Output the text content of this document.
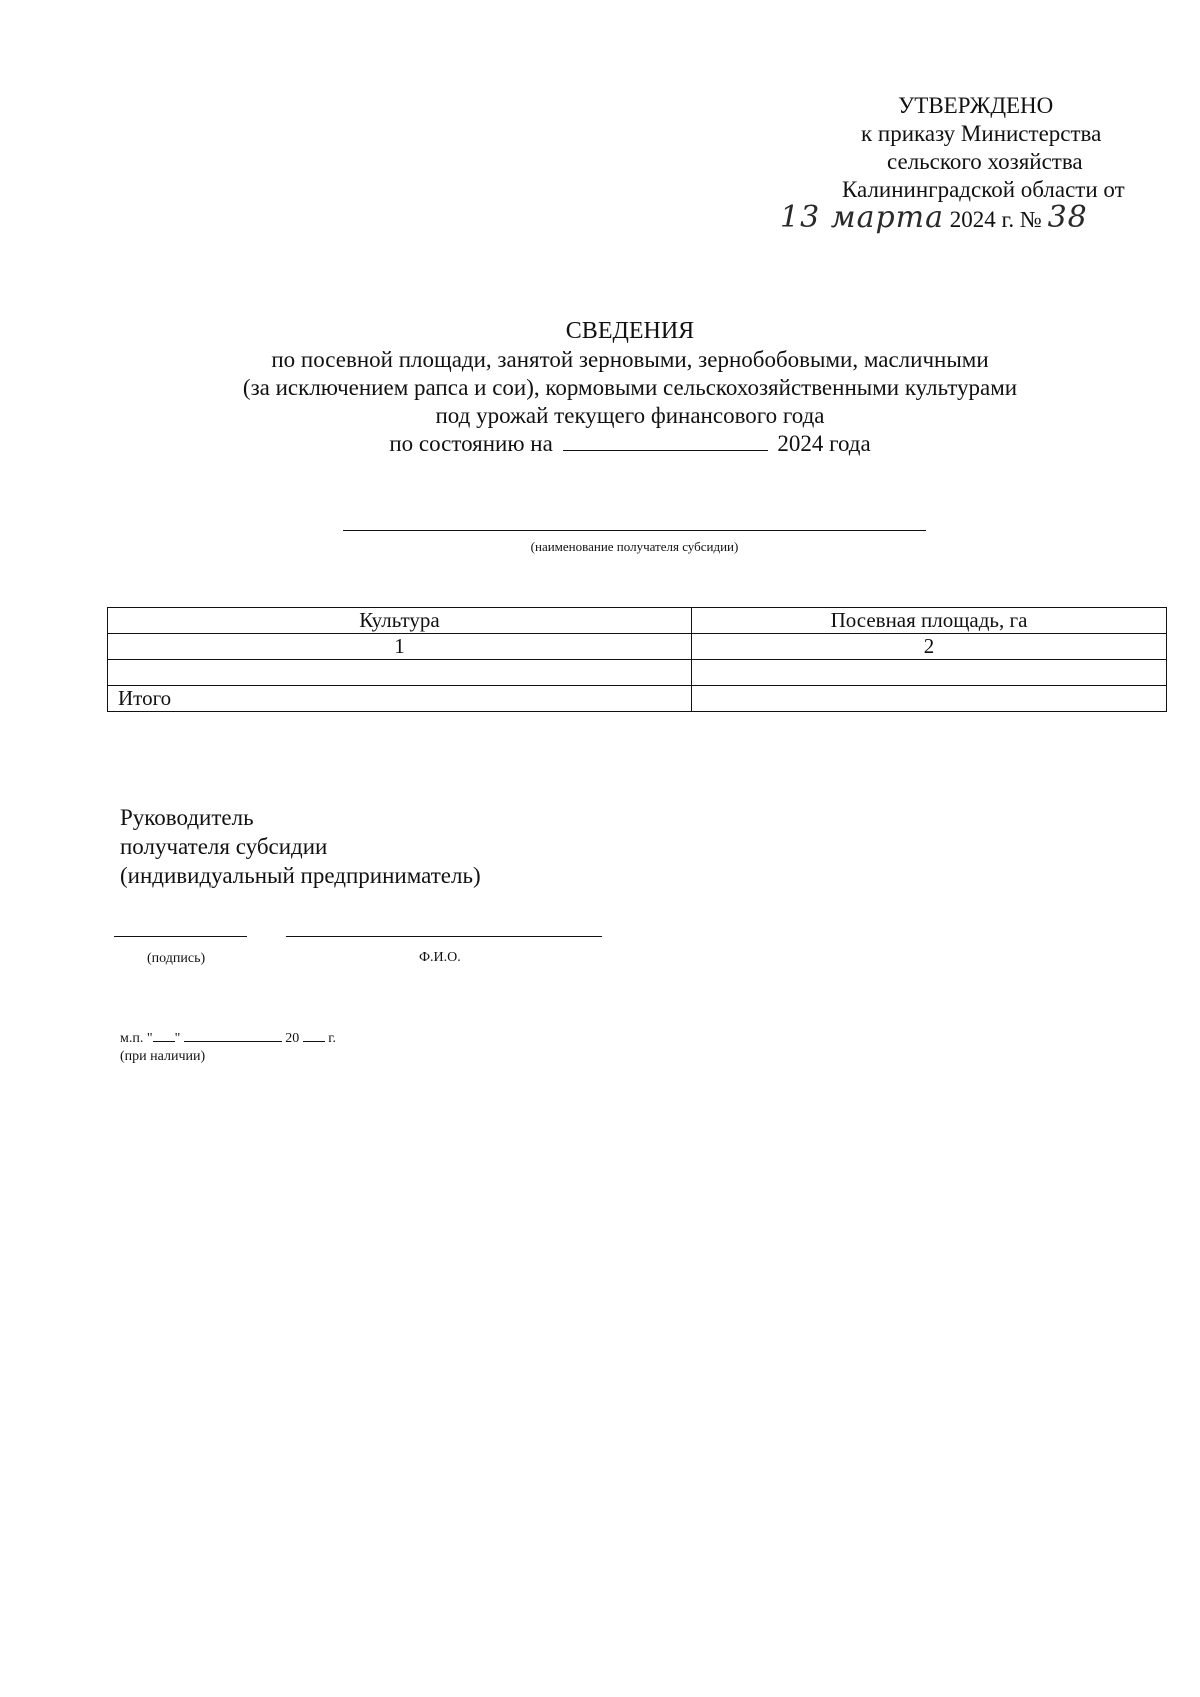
УТВЕРЖДЕНО
к приказу Министерства
сельского хозяйства
Калининградской области от
13 марта 2024 г. № 38
СВЕДЕНИЯ
по посевной площади, занятой зерновыми, зернобобовыми, масличными
(за исключением рапса и сои), кормовыми сельскохозяйственными культурами
под урожай текущего финансового года
по состоянию на	2024 года
(наименование получателя субсидии)
Культура	Посевная площадь, га
1	2

Итого	
Руководитель
получателя субсидии
(индивидуальный предприниматель)
(подпись)	Ф.И.О.
м.п. " "	20 г.
(при наличии)
